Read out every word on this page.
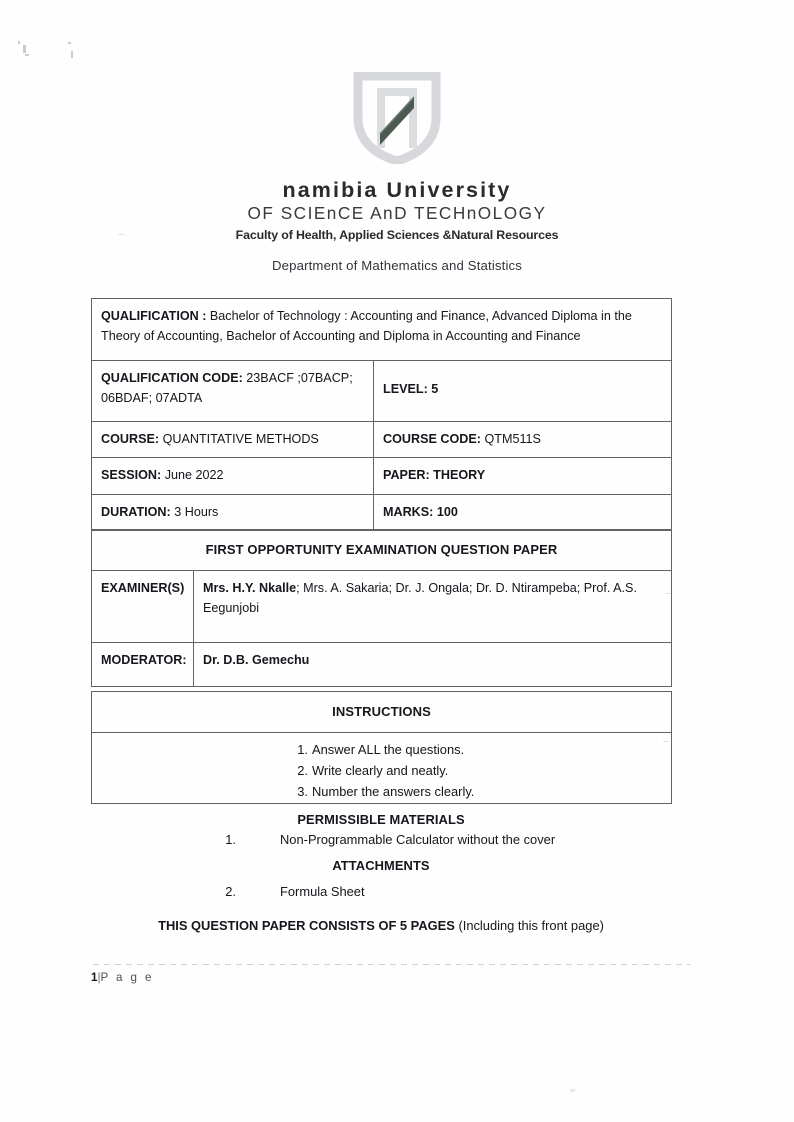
namibia University
OF SCIEnCE AnD TECHnOLOGY
Faculty of Health, Applied Sciences &Natural Resources
Department of Mathematics and Statistics
QUALIFICATION : Bachelor of Technology : Accounting and Finance, Advanced Diploma in the Theory of Accounting, Bachelor of Accounting and Diploma in Accounting and Finance	
QUALIFICATION CODE: 23BACF ;07BACP; 06BDAF; 07ADTA	LEVEL: 5
COURSE: QUANTITATIVE METHODS	COURSE CODE: QTM511S
SESSION: June 2022	PAPER: THEORY
DURATION: 3 Hours	MARKS: 100
FIRST OPPORTUNITY EXAMINATION QUESTION PAPER	
EXAMINER(S)	Mrs. H.Y. Nkalle; Mrs. A. Sakaria; Dr. J. Ongala; Dr. D. Ntirampeba; Prof. A.S. Eegunjobi
MODERATOR:	Dr. D.B. Gemechu
INSTRUCTIONS

Answer ALL the questions.
Write clearly and neatly.
Number the answers clearly.

PERMISSIBLE MATERIALS

1.	Non-Programmable Calculator without the cover

ATTACHMENTS

2.	Formula Sheet

THIS QUESTION PAPER CONSISTS OF 5 PAGES (Including this front page)

1|P a g e
